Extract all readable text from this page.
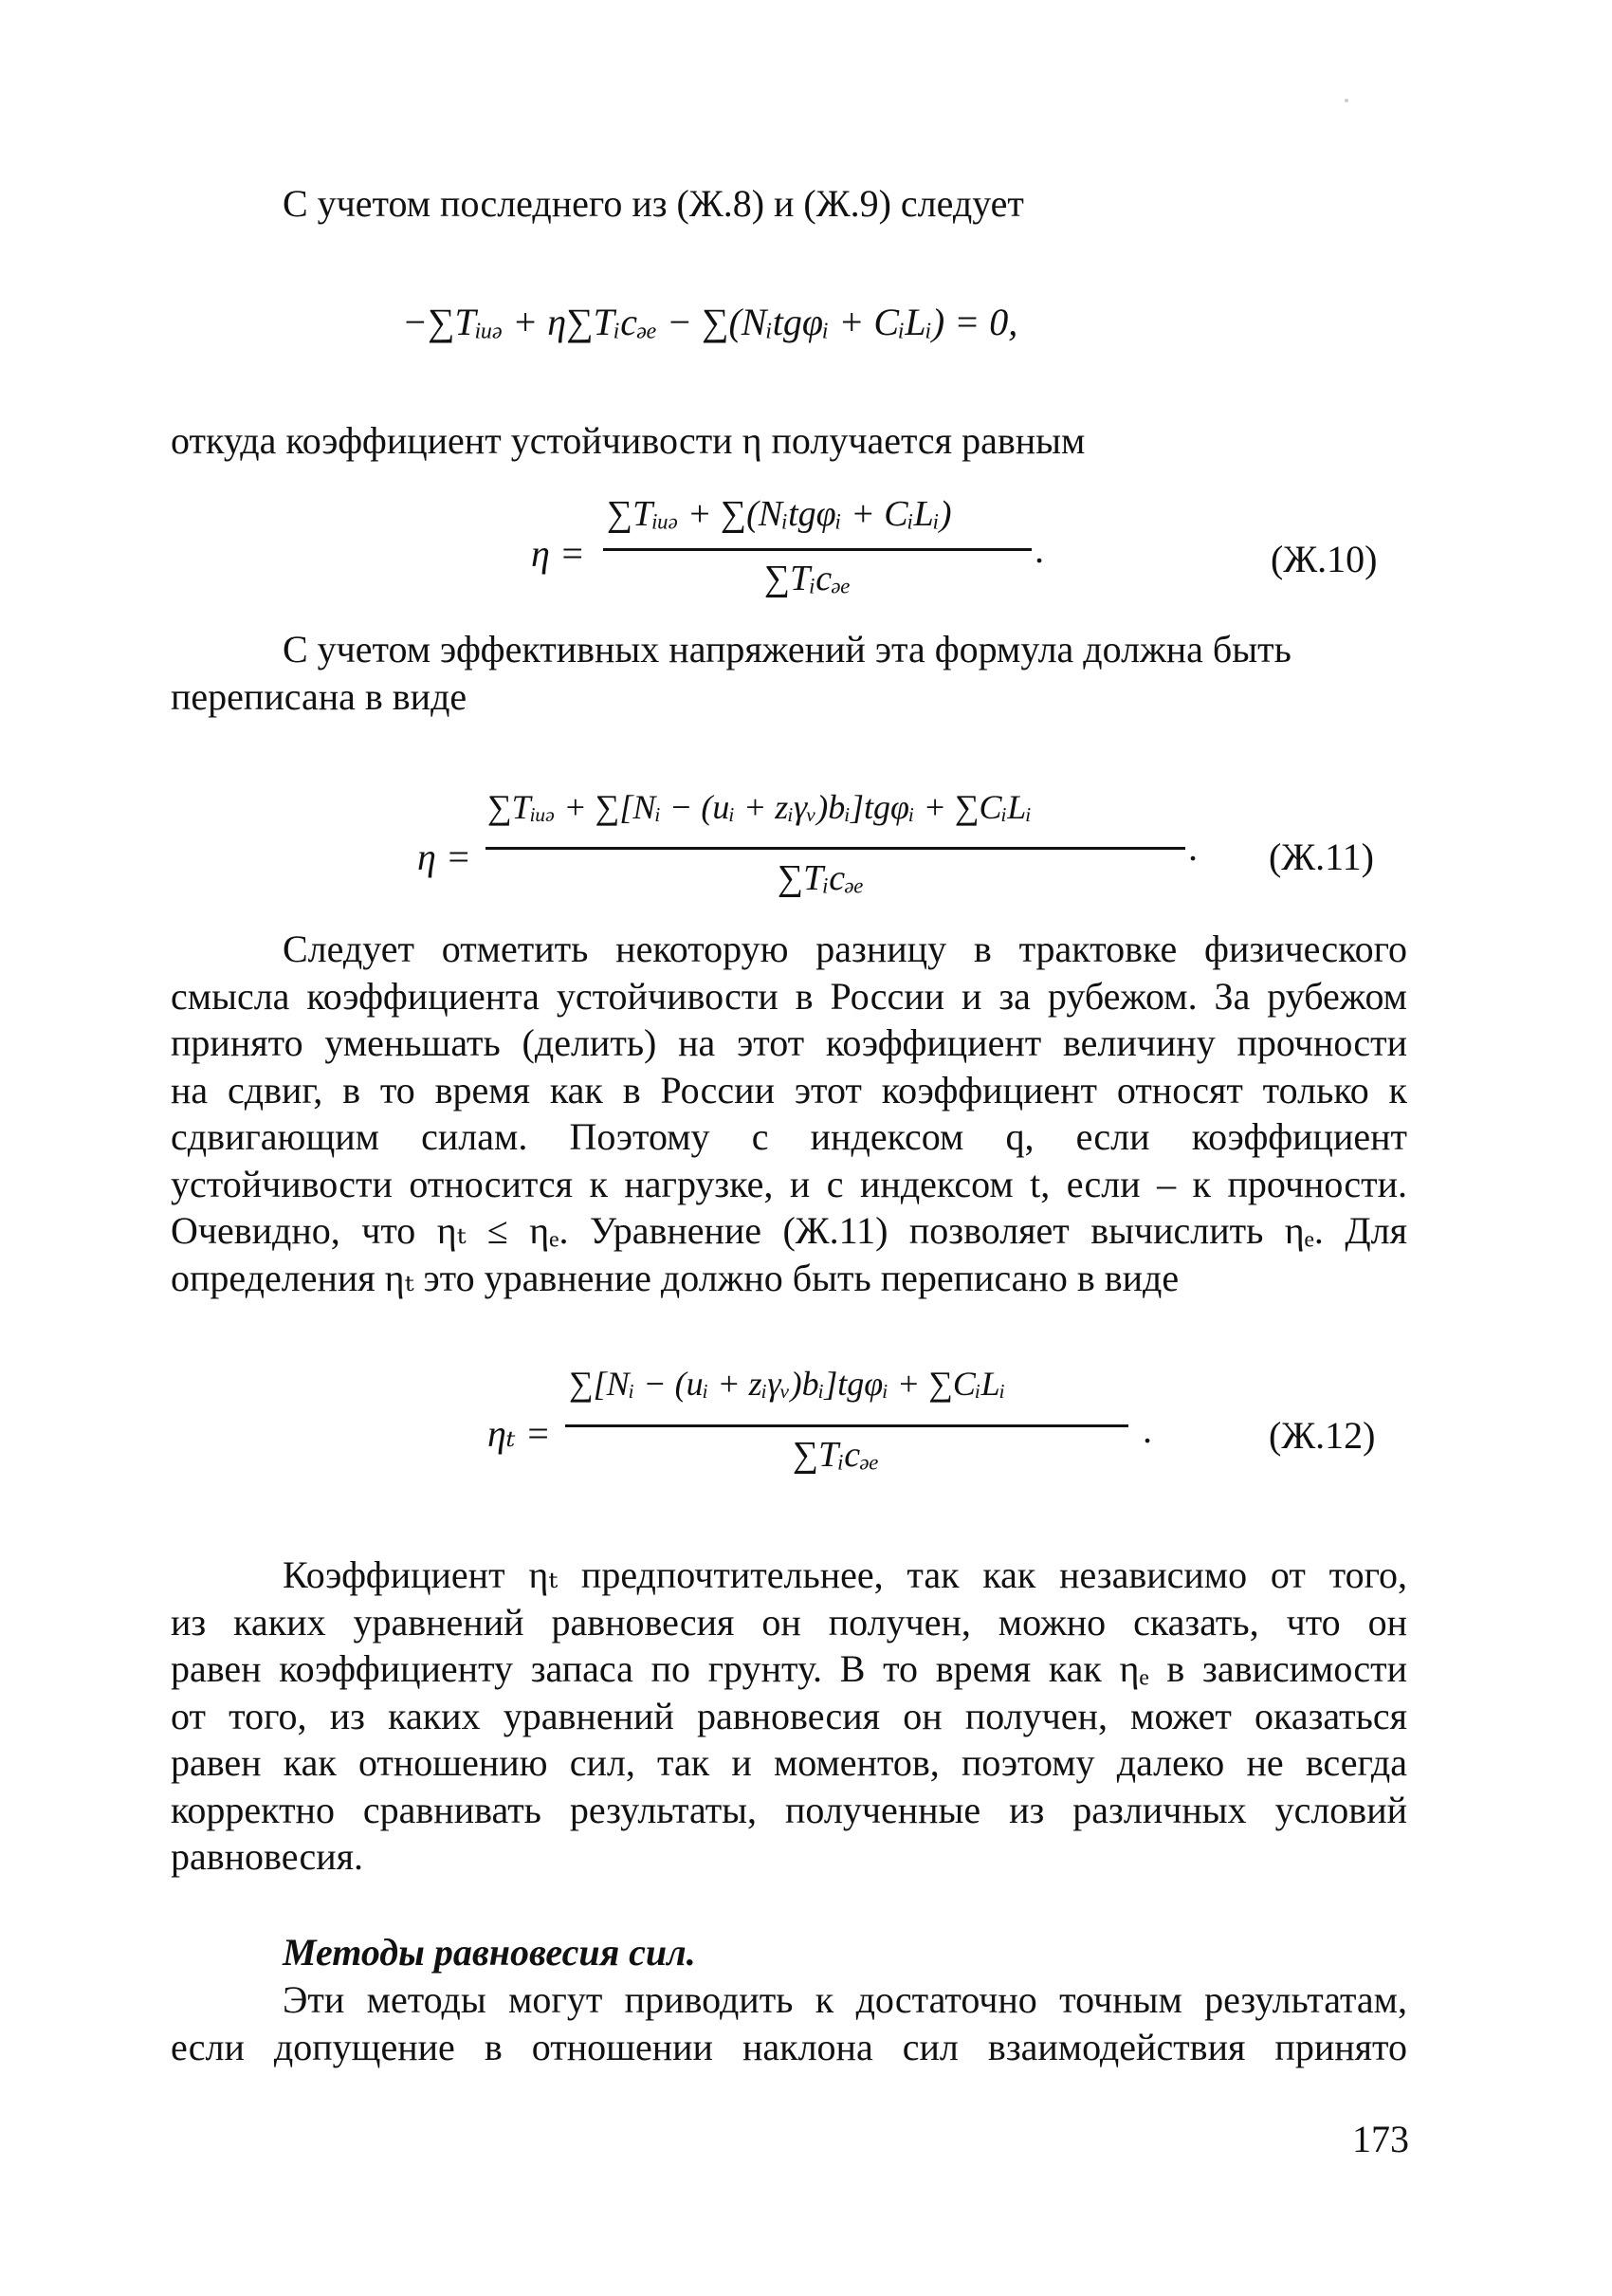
С учетом последнего из (Ж.8) и (Ж.9) следует
−∑Tᵢᵤₔ + η∑Tᵢcₔₑ − ∑(Nᵢtgφᵢ + CᵢLᵢ) = 0,
откуда коэффициент устойчивости η получается равным
η =
∑Tᵢᵤₔ + ∑(Nᵢtgφᵢ + CᵢLᵢ)
∑Tᵢcₔₑ
.	(Ж.10)
С учетом эффективных напряжений эта формула должна быть
переписана в виде
η =
∑Tᵢᵤₔ + ∑[Nᵢ − (uᵢ + zᵢγᵥ)bᵢ]tgφᵢ + ∑CᵢLᵢ
∑Tᵢcₔₑ
. (Ж.11)
Следует отметить некоторую разницу в трактовке физического
смысла коэффициента устойчивости в России и за рубежом. За рубежом
принято уменьшать (делить) на этот коэффициент величину прочности
на сдвиг, в то время как в России этот коэффициент относят только к
сдвигающим силам. Поэтому с индексом q, если коэффициент
устойчивости относится к нагрузке, и с индексом t, если – к прочности.
Очевидно, что ηₜ ≤ ηₑ. Уравнение (Ж.11) позволяет вычислить ηₑ. Для
определения ηₜ это уравнение должно быть переписано в виде
ηₜ =
∑[Nᵢ − (uᵢ + zᵢγᵥ)bᵢ]tgφᵢ + ∑CᵢLᵢ
∑Tᵢcₔₑ
.	(Ж.12)
Коэффициент ηₜ предпочтительнее, так как независимо от того,
из каких уравнений равновесия он получен, можно сказать, что он
равен коэффициенту запаса по грунту. В то время как ηₑ в зависимости
от того, из каких уравнений равновесия он получен, может оказаться
равен как отношению сил, так и моментов, поэтому далеко не всегда
корректно сравнивать результаты, полученные из различных условий
равновесия.
Методы равновесия сил.
Эти методы могут приводить к достаточно точным результатам,
если допущение в отношении наклона сил взаимодействия принято
173
